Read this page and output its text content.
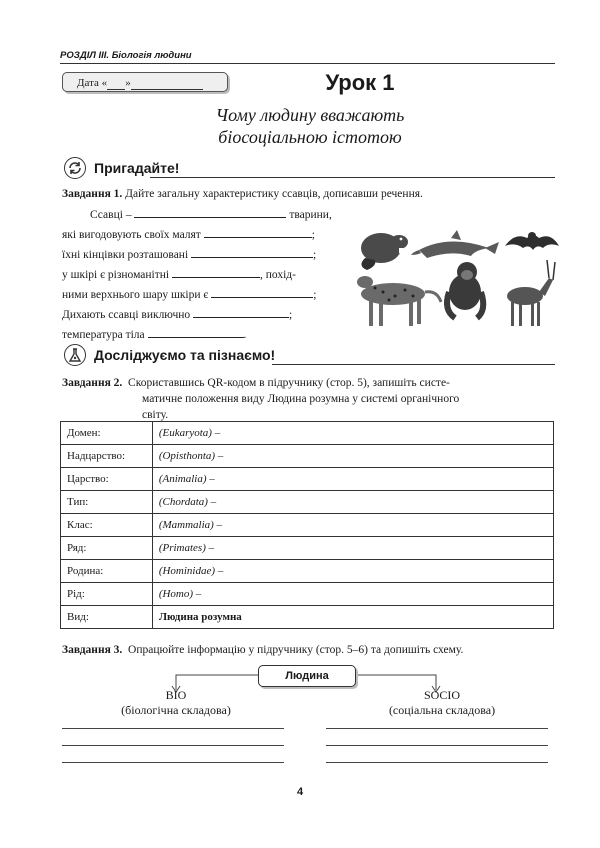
РОЗДІЛ ІІІ. Біологія людини
Дата « »	Урок 1
Чому людину вважають
біосоціальною істотою
Пригадайте!
Завдання 1. Дайте загальну характеристику ссавців, дописавши речення.
Ссавці –	тварини,
які вигодовують своїх малят	;
їхні кінцівки розташовані	;
у шкірі є різноманітні	, похід-
ними верхнього шару шкіри є	;
Дихають ссавці виключно	;
температура тіла	.
Досліджуємо та пізнаємо!
Завдання 2. Скориставшись QR-кодом в підручнику (стор. 5), запишіть систе-
матичне положення виду Людина розумна у системі органічного
світу.
Домен:	(Eukaryota) –
Надцарство:	(Opisthonta) –
Царство:	(Animalia) –
Тип:	(Chordata) –
Клас:	(Mammalia) –
Ряд:	(Primates) –
Родина:	(Hominidae) –
Рід:	(Homo) –
Вид:	Людина розумна
Завдання 3. Опрацюйте інформацію у підручнику (стор. 5–6) та допишіть схему.
Людина
BIO
(біологічна складова)
SOCIO
(соціальна складова)
4
